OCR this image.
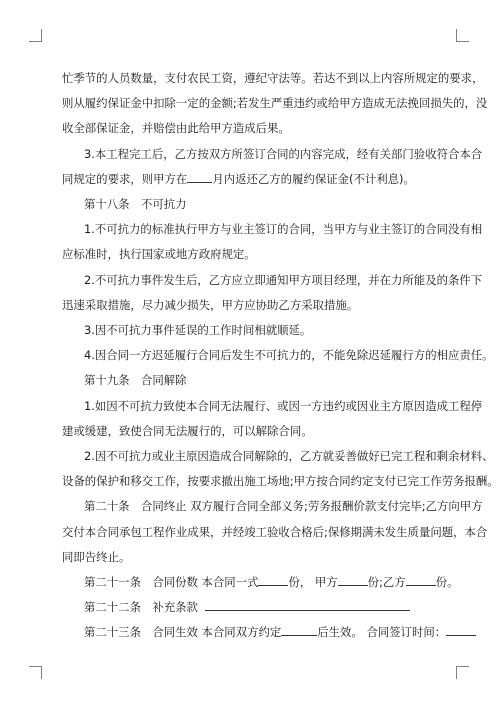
忙季节的人员数量，支付农民工资，遵纪守法等。若达不到以上内容所规定的要求，

则从履约保证金中扣除一定的金额;若发生严重违约或给甲方造成无法挽回损失的，没

收全部保证金，并赔偿由此给甲方造成后果。

3.本工程完工后，乙方按双方所签订合同的内容完成，经有关部门验收符合本合

同规定的要求，则甲方在 月内返还乙方的履约保证金(不计利息)。

第十八条　不可抗力

1.不可抗力的标准执行甲方与业主签订的合同，当甲方与业主签订的合同没有相

应标准时，执行国家或地方政府规定。

2.不可抗力事件发生后，乙方应立即通知甲方项目经理，并在力所能及的条件下

迅速采取措施，尽力减少损失，甲方应协助乙方采取措施。

3.因不可抗力事件延误的工作时间相就顺延。

4.因合同一方迟延履行合同后发生不可抗力的，不能免除迟延履行方的相应责任。

第十九条　合同解除

1.如因不可抗力致使本合同无法履行、或因一方违约或因业主方原因造成工程停

建或缓建，致使合同无法履行的，可以解除合同。

2.因不可抗力或业主原因造成合同解除的，乙方就妥善做好已完工程和剩余材料、

设备的保护和移交工作，按要求撤出施工场地;甲方按合同约定支付已完工作劳务报酬。

第二十条　合同终止 双方履行合同全部义务;劳务报酬价款支付完毕;乙方向甲方

交付本合同承包工程作业成果，并经竣工验收合格后;保修期满未发生质量问题，本合

同即告终止。

第二十一条　合同份数 本合同一式	份， 甲方	份;乙方	份。

第二十二条　补充条款

第二十三条　合同生效 本合同双方约定	后生效。 合同签订时间：
